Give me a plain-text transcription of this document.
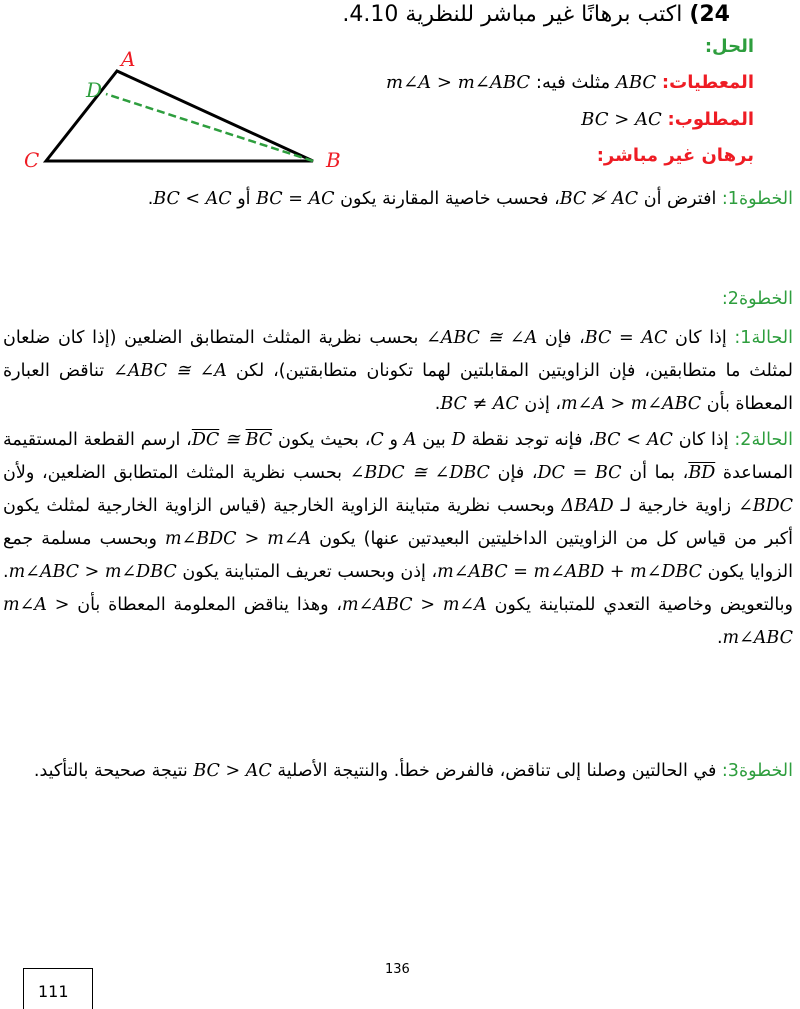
24) اكتب برهانًا غير مباشر للنظرية 4.10.
الحل:
المعطيات: ABC مثلث فيه: m∠A > m∠ABC
المطلوب: BC > AC
برهان غير مباشر:
A
B
C
D
الخطوة1: افترض أن BC ≯ AC، فحسب خاصية المقارنة يكون BC = AC أو BC < AC.
الخطوة2:
الحالة1: إذا كان BC = AC، فإن ∠ABC ≅ ∠A بحسب نظرية المثلث المتطابق الضلعين (إذا كان ضلعان لمثلث ما متطابقين، فإن الزاويتين المقابلتين لهما تكونان متطابقتين)، لكن ∠ABC ≅ ∠A تناقض العبارة المعطاة بأن m∠A > m∠ABC، إذن BC ≠ AC.
الحالة2: إذا كان BC < AC، فإنه توجد نقطة D بين A و C، بحيث يكون $\overline{DC}$ ≅ $\overline{BC}،$ ارسم القطعة المستقيمة المساعدة $\overline{BD}،$ بما أن DC = BC، فإن ∠BDC ≅ ∠DBC بحسب نظرية المثلث المتطابق الضلعين، ولأن ∠BDC زاوية خارجية لـ ΔBAD وبحسب نظرية متباينة الزاوية الخارجية (قياس الزاوية الخارجية لمثلث يكون أكبر من قياس كل من الزاويتين الداخليتين البعيدتين عنها) يكون m∠BDC > m∠A وبحسب مسلمة جمع الزوايا يكون m∠ABC = m∠ABD + m∠DBC، إذن وبحسب تعريف المتباينة يكون m∠ABC > m∠DBC. وبالتعويض وخاصية التعدي للمتباينة يكون m∠ABC > m∠A، وهذا يناقض المعلومة المعطاة بأن m∠A > m∠ABC.
الخطوة3: في الحالتين وصلنا إلى تناقض، فالفرض خطأ. والنتيجة الأصلية BC > AC نتيجة صحيحة بالتأكيد.
136
111
